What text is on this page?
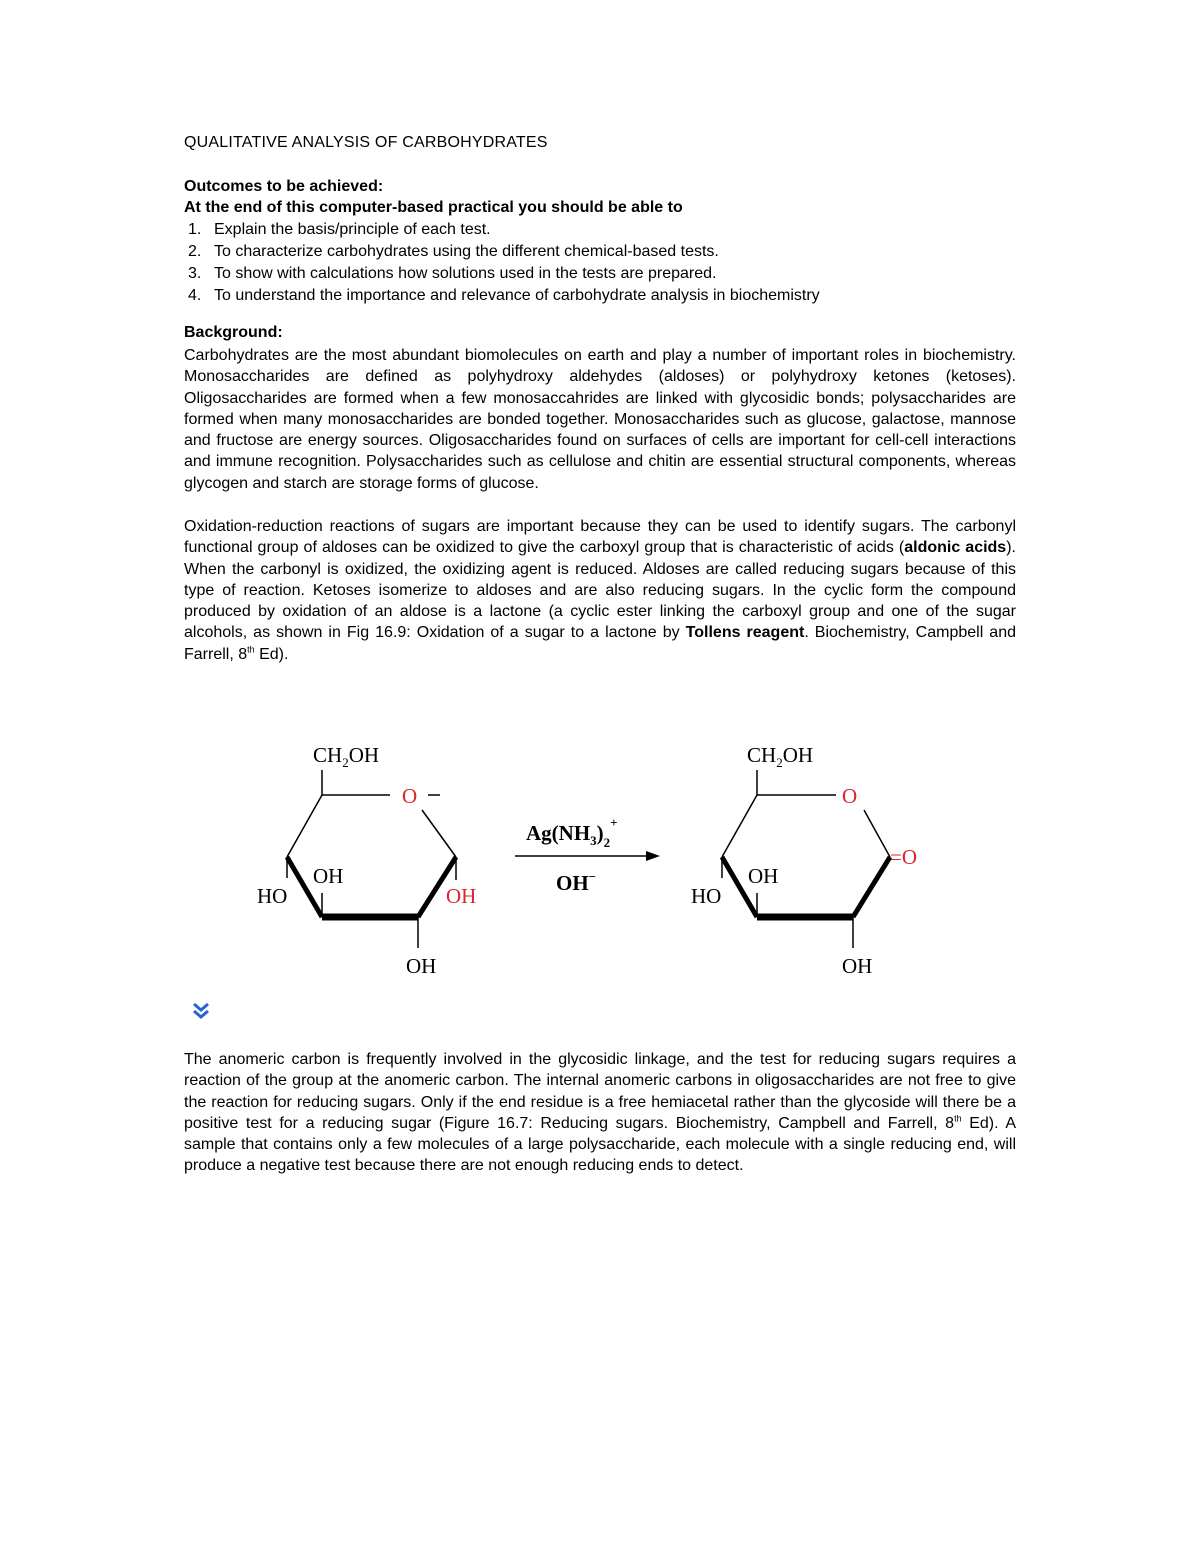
QUALITATIVE ANALYSIS OF CARBOHYDRATES
Outcomes to be achieved:
At the end of this computer-based practical you should be able to
1. Explain the basis/principle of each test.
2. To characterize carbohydrates using the different chemical-based tests.
3. To show with calculations how solutions used in the tests are prepared.
4. To understand the importance and relevance of carbohydrate analysis in biochemistry
Background:
Carbohydrates are the most abundant biomolecules on earth and play a number of important roles in biochemistry. Monosaccharides are defined as polyhydroxy aldehydes (aldoses) or polyhydroxy ketones (ketoses). Oligosaccharides are formed when a few monosaccahrides are linked with glycosidic bonds; polysaccharides are formed when many monosaccharides are bonded together. Monosaccharides such as glucose, galactose, mannose and fructose are energy sources. Oligosaccharides found on surfaces of cells are important for cell-cell interactions and immune recognition. Polysaccharides such as cellulose and chitin are essential structural components, whereas glycogen and starch are storage forms of glucose.
Oxidation-reduction reactions of sugars are important because they can be used to identify sugars. The carbonyl functional group of aldoses can be oxidized to give the carboxyl group that is characteristic of acids (aldonic acids). When the carbonyl is oxidized, the oxidizing agent is reduced. Aldoses are called reducing sugars because of this type of reaction. Ketoses isomerize to aldoses and are also reducing sugars. In the cyclic form the compound produced by oxidation of an aldose is a lactone (a cyclic ester linking the carboxyl group and one of the sugar alcohols, as shown in Fig 16.9: Oxidation of a sugar to a lactone by Tollens reagent. Biochemistry, Campbell and Farrell, 8th Ed).
The anomeric carbon is frequently involved in the glycosidic linkage, and the test for reducing sugars requires a reaction of the group at the anomeric carbon. The internal anomeric carbons in oligosaccharides are not free to give the reaction for reducing sugars. Only if the end residue is a free hemiacetal rather than the glycoside will there be a positive test for a reducing sugar (Figure 16.7: Reducing sugars. Biochemistry, Campbell and Farrell, 8th Ed). A sample that contains only a few molecules of a large polysaccharide, each molecule with a single reducing end, will produce a negative test because there are not enough reducing ends to detect.
$CH_2OH$
O
OH
HO	OH
OH
$Ag(NH_3)_2^+$
OH−
$CH_2OH$
O
=O
OH
HO
OH
